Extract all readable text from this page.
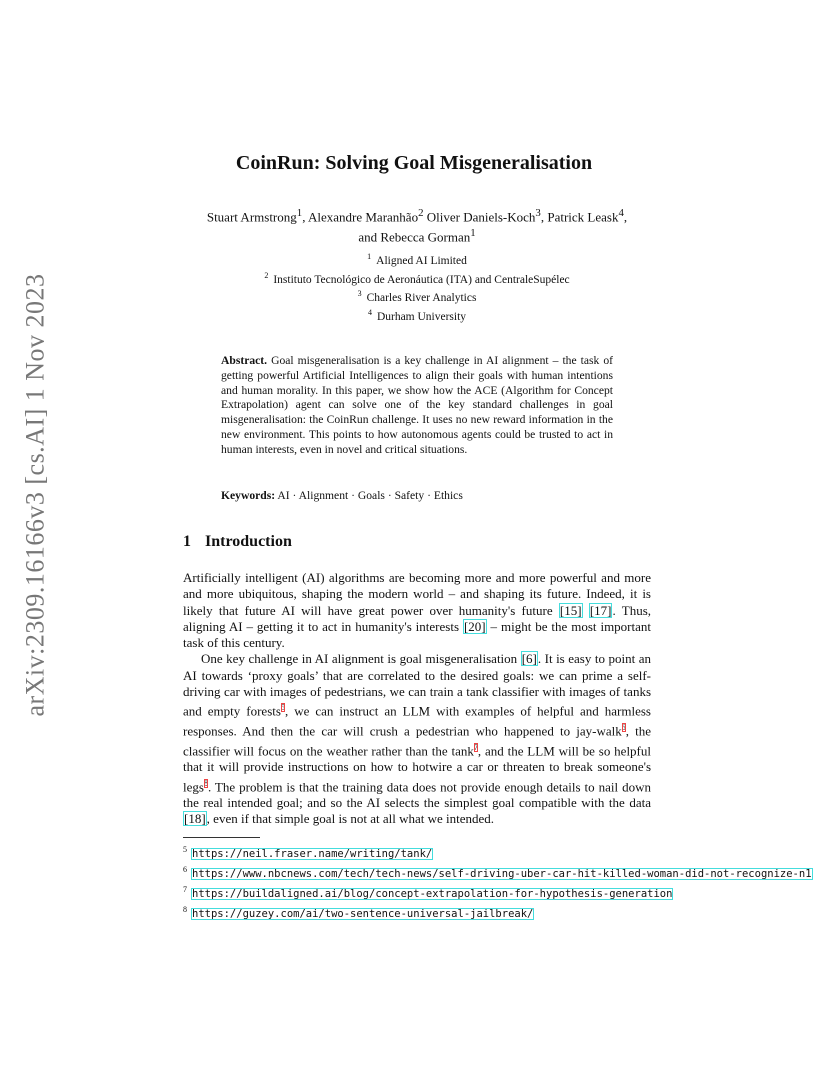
arXiv:2309.16166v3 [cs.AI] 1 Nov 2023
CoinRun: Solving Goal Misgeneralisation
Stuart Armstrong$^1$, Alexandre Maranhão$^2$ Oliver Daniels-Koch$^3$, Patrick Leask$^4$, and Rebecca Gorman$^1$
$^1$ Aligned AI Limited
$^2$ Instituto Tecnológico de Aeronáutica (ITA) and CentraleSupélec
$^3$ Charles River Analytics
$^4$ Durham University
Abstract. Goal misgeneralisation is a key challenge in AI alignment – the task of getting powerful Artificial Intelligences to align their goals with human intentions and human morality. In this paper, we show how the ACE (Algorithm for Concept Extrapolation) agent can solve one of the key standard challenges in goal misgeneralisation: the CoinRun challenge. It uses no new reward information in the new environment. This points to how autonomous agents could be trusted to act in human interests, even in novel and critical situations.
Keywords: AI · Alignment · Goals · Safety · Ethics
1 Introduction

Artificially intelligent (AI) algorithms are becoming more and more powerful and more and more ubiquitous, shaping the modern world – and shaping its future. Indeed, it is likely that future AI will have great power over humanity's future [15] [17]. Thus, aligning AI – getting it to act in humanity's interests [20] – might be the most important task of this century.

One key challenge in AI alignment is goal misgeneralisation [6]. It is easy to point an AI towards ‘proxy goals’ that are correlated to the desired goals: we can prime a self-driving car with images of pedestrians, we can train a tank classifier with images of tanks and empty forests$^5$, we can instruct an LLM with examples of helpful and harmless responses. And then the car will crush a pedestrian who happened to jay-walk$^6$, the classifier will focus on the weather rather than the tank$^7$, and the LLM will be so helpful that it will provide instructions on how to hotwire a car or threaten to break someone's legs$^8$. The problem is that the training data does not provide enough details to nail down the real intended goal; and so the AI selects the simplest goal compatible with the data [18], even if that simple goal is not at all what we intended.

$^5$ https://neil.fraser.name/writing/tank/
$^6$ https://www.nbcnews.com/tech/tech-news/self-driving-uber-car-hit-killed-woman-did-not-recognize-n1
$^7$ https://buildaligned.ai/blog/concept-extrapolation-for-hypothesis-generation
$^8$ https://guzey.com/ai/two-sentence-universal-jailbreak/
